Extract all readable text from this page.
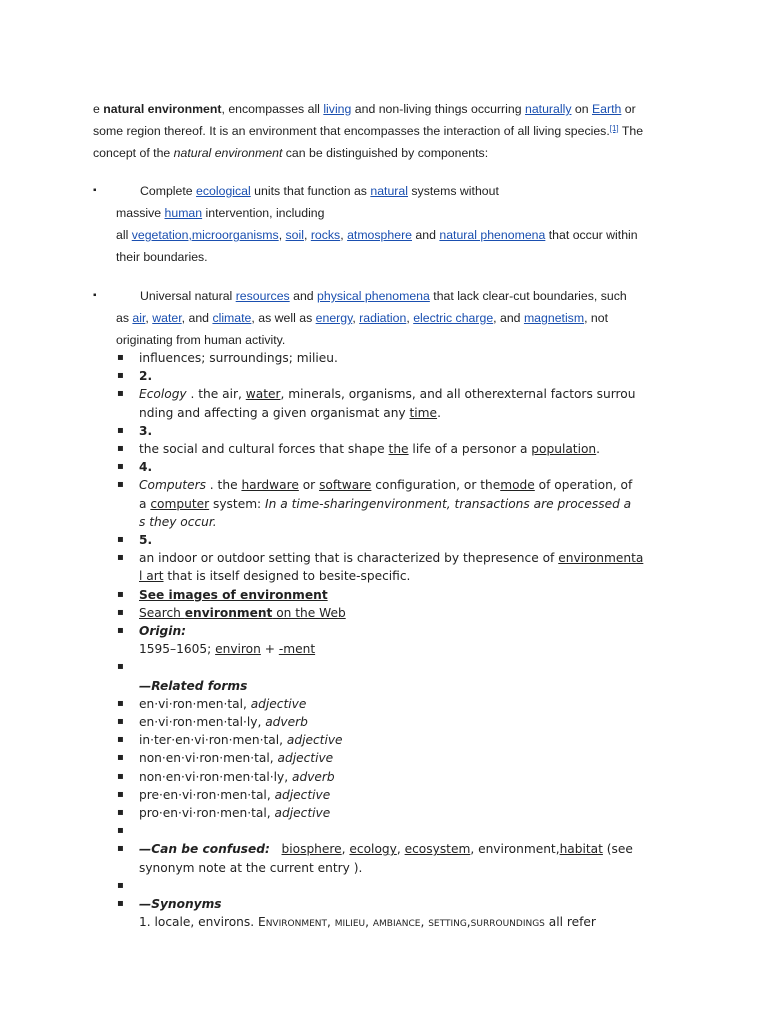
e natural environment, encompasses all living and non-living things occurring naturally on Earth or

some region thereof. It is an environment that encompasses the interaction of all living species.[1] The

concept of the natural environment can be distinguished by components:

▪	Complete ecological units that function as natural systems without
massive human intervention, including
all vegetation,microorganisms, soil, rocks, atmosphere and natural phenomena that occur within
their boundaries.
▪	Universal natural resources and physical phenomena that lack clear-cut boundaries, such
as air, water, and climate, as well as energy, radiation, electric charge, and magnetism, not
originating from human activity.
▪ influences; surroundings; milieu.
▪ 2.
▪ Ecology . the air, water, minerals, organisms, and all otherexternal factors surrou
nding and affecting a given organismat any time.
▪ 3.
▪ the social and cultural forces that shape the life of a personor a population.
▪ 4.
▪ Computers . the hardware or software configuration, or themode of operation, of
a computer system: In a time-sharingenvironment, transactions are processed a
s they occur.
▪ 5.
▪ an indoor or outdoor setting that is characterized by thepresence of environmenta
l art that is itself designed to besite-specific.
▪ See images of environment
▪ Search environment on the Web
▪ Origin:
1595–1605; environ + -ment

▪ —Related forms
▪ en·vi·ron·men·tal, adjective
▪ en·vi·ron·men·tal·ly, adverb
▪ in·ter·en·vi·ron·men·tal, adjective
▪ non·en·vi·ron·men·tal, adjective
▪ non·en·vi·ron·men·tal·ly, adverb
▪ pre·en·vi·ron·men·tal, adjective
▪ pro·en·vi·ron·men·tal, adjective
▪
▪ —Can be confused: biosphere, ecology, ecosystem, environment,habitat (see
synonym note at the current entry ).
▪
▪ —Synonyms
1. locale, environs. Environment, milieu, ambiance, setting,surroundings all refer
